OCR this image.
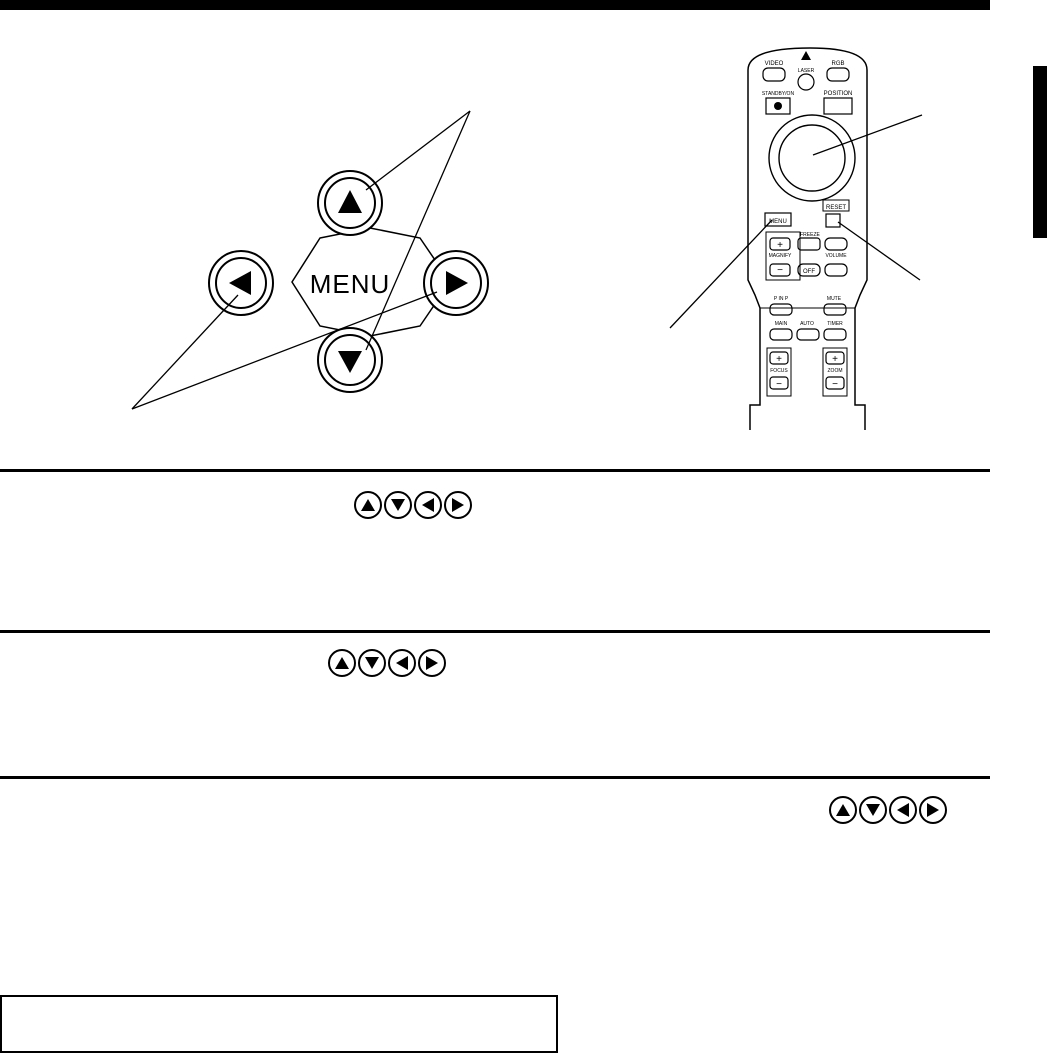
MENU
VIDEO
LASER
RGB
STANDBY/ON	POSITION
MENU
RESET
FREEZE
+
MAGNIFY	VOLUME
−	OFF
P IN P	MUTE
MAIN	AUTO	TIMER
+
FOCUS
−
+
ZOOM
−
